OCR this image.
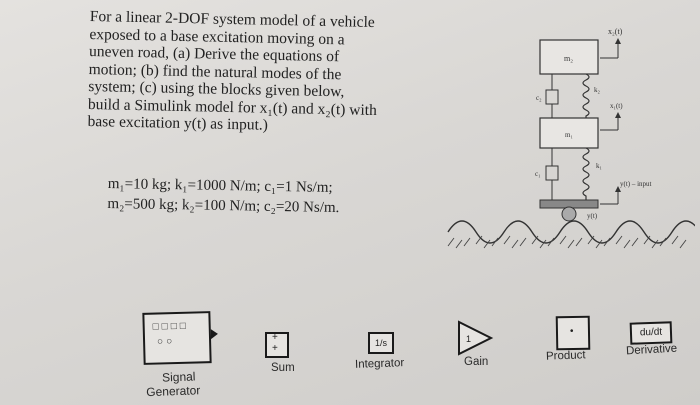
For a linear 2-DOF system model of a vehicle

exposed to a base excitation moving on a

uneven road, (a) Derive the equations of

motion; (b) find the natural modes of the

system; (c) using the blocks given below,

build a Simulink model for x₁(t) and x₂(t) with

base excitation y(t) as input.)

m₁=10 kg; k₁=1000 N/m; c₁=1 Ns/m;
m₂=500 kg; k₂=100 N/m; c₂=20 Ns/m.
m₂
x₂(t)
c₂
k₂
m₁
x₁(t)
c₁
k₁
y(t)
y(t) – input
□□□□
○○
Signal
Generator
+
+
Sum
1/s
Integrator
1
Gain
•
Product
du/dt
Derivative
